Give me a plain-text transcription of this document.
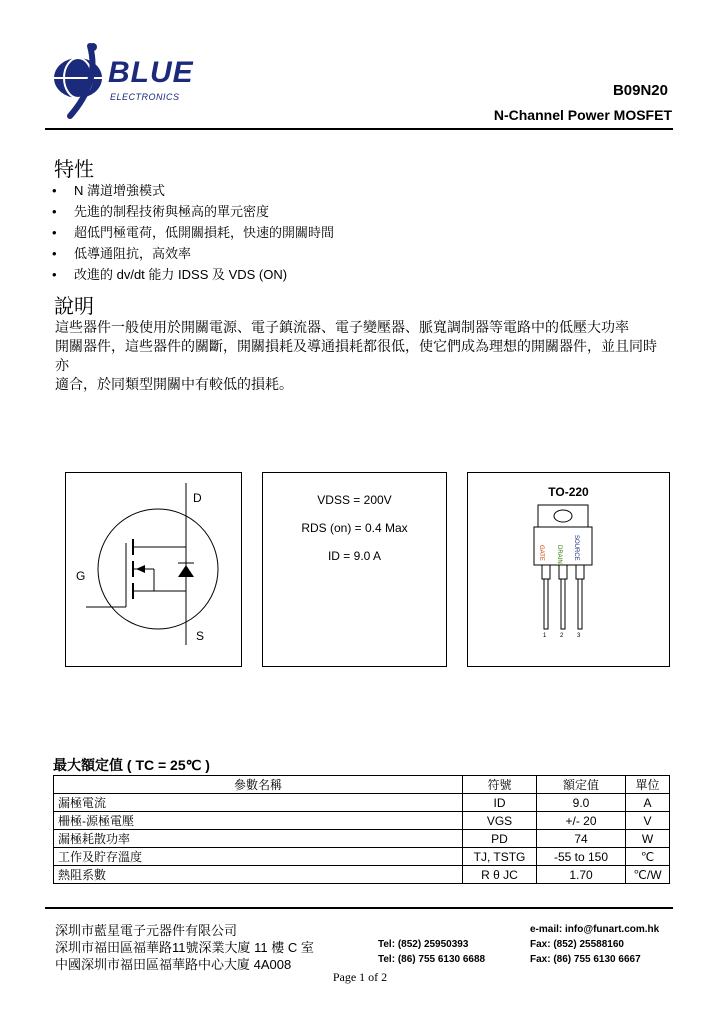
BLUE
ELECTRONICS	B09N20
N-Channel Power MOSFET
特性
• N 溝道增強模式
• 先進的制程技術與極高的單元密度
• 超低門極電荷，低開關損耗，快速的開關時間
• 低導通阻抗，高效率
• 改進的 dv/dt 能力 IDSS 及 VDS (ON)
說明
這些器件一般使用於開關電源、電子鎮流器、電子變壓器、脈寬調制器等電路中的低壓大功率
開關器件，這些器件的關斷，開關損耗及導通損耗都很低，使它們成為理想的開關器件，並且同時亦
適合，於同類型開關中有較低的損耗。
D
G
S
VDSS = 200V
RDS (on) = 0.4 Max
ID = 9.0 A
TO-220
GATE DRAIN SOURCE
1 2 3
最大額定值 ( TC = 25℃ )
參數名稱	符號	額定值	單位
漏極電流	ID	9.0	A
柵極-源極電壓	VGS	+/- 20	V
漏極耗散功率	PD	74	W
工作及貯存溫度	TJ, TSTG	-55 to 150	℃
熱阻系數	R θ JC	1.70	℃/W
深圳市藍星電子元器件有限公司
深圳市福田區福華路11號深業大廈 11 樓 C 室
中國深圳市福田區福華路中心大廈 4A008
e-mail: info@funart.com.hk
Tel: (852) 25950393	Fax: (852) 25588160
Tel: (86) 755 6130 6688	Fax: (86) 755 6130 6667
Page 1 of 2
